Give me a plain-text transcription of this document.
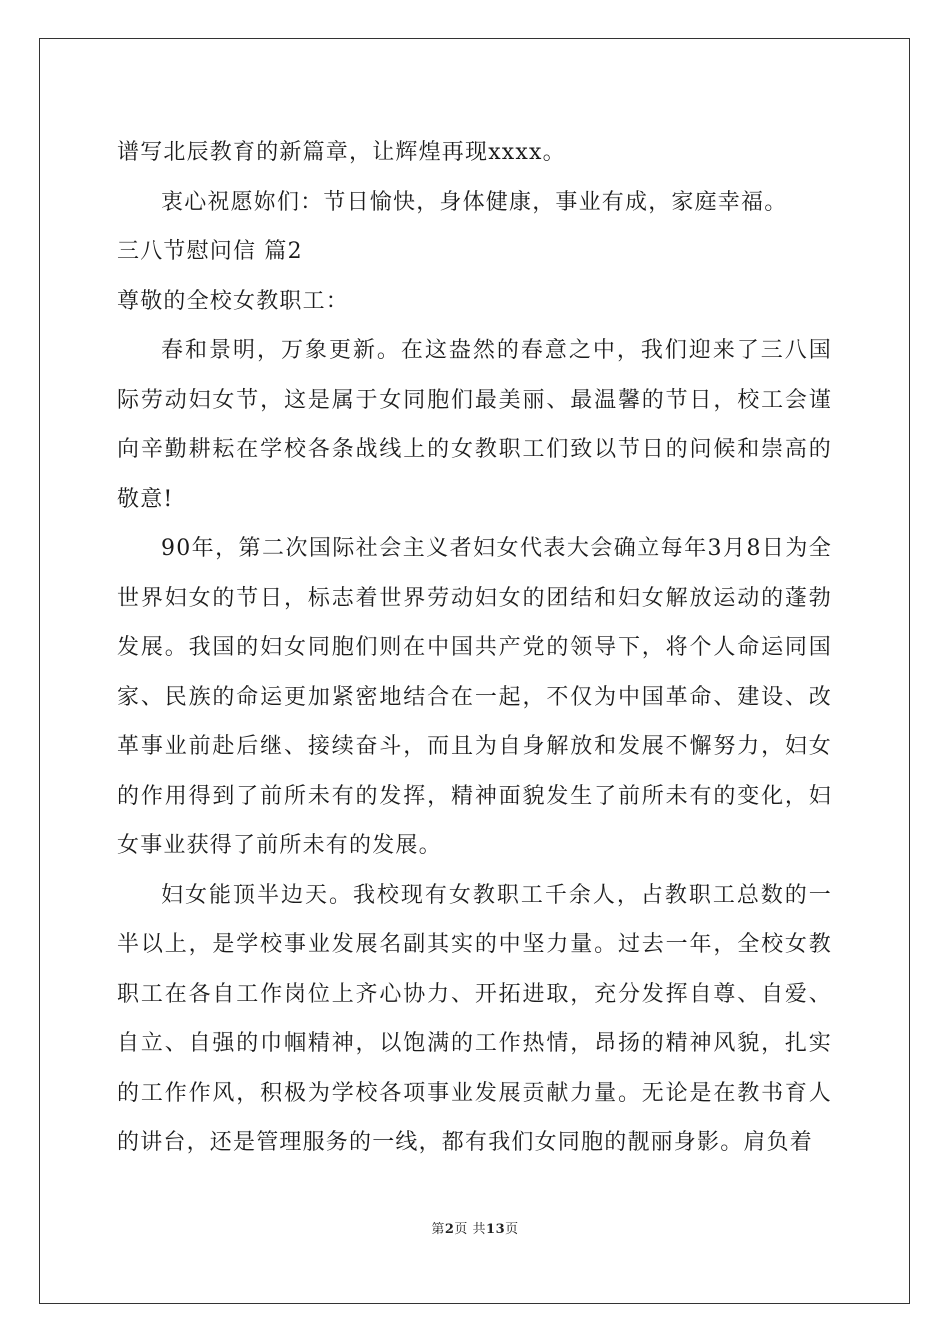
谱写北辰教育的新篇章，让辉煌再现xxxx。
衷心祝愿妳们：节日愉快，身体健康，事业有成，家庭幸福。
三八节慰问信 篇2
尊敬的全校女教职工：

春和景明，万象更新。在这盎然的春意之中，我们迎来了三八国际劳动妇女节，这是属于女同胞们最美丽、最温馨的节日，校工会谨向辛勤耕耘在学校各条战线上的女教职工们致以节日的问候和崇高的敬意!

90年，第二次国际社会主义者妇女代表大会确立每年3月8日为全世界妇女的节日，标志着世界劳动妇女的团结和妇女解放运动的蓬勃发展。我国的妇女同胞们则在中国共产党的领导下，将个人命运同国家、民族的命运更加紧密地结合在一起，不仅为中国革命、建设、改革事业前赴后继、接续奋斗，而且为自身解放和发展不懈努力，妇女的作用得到了前所未有的发挥，精神面貌发生了前所未有的变化，妇女事业获得了前所未有的发展。

妇女能顶半边天。我校现有女教职工千余人，占教职工总数的一半以上，是学校事业发展名副其实的中坚力量。过去一年，全校女教职工在各自工作岗位上齐心协力、开拓进取，充分发挥自尊、自爱、自立、自强的巾帼精神，以饱满的工作热情，昂扬的精神风貌，扎实的工作作风，积极为学校各项事业发展贡献力量。无论是在教书育人的讲台，还是管理服务的一线，都有我们女同胞的靓丽身影。肩负着

第2页 共13页
